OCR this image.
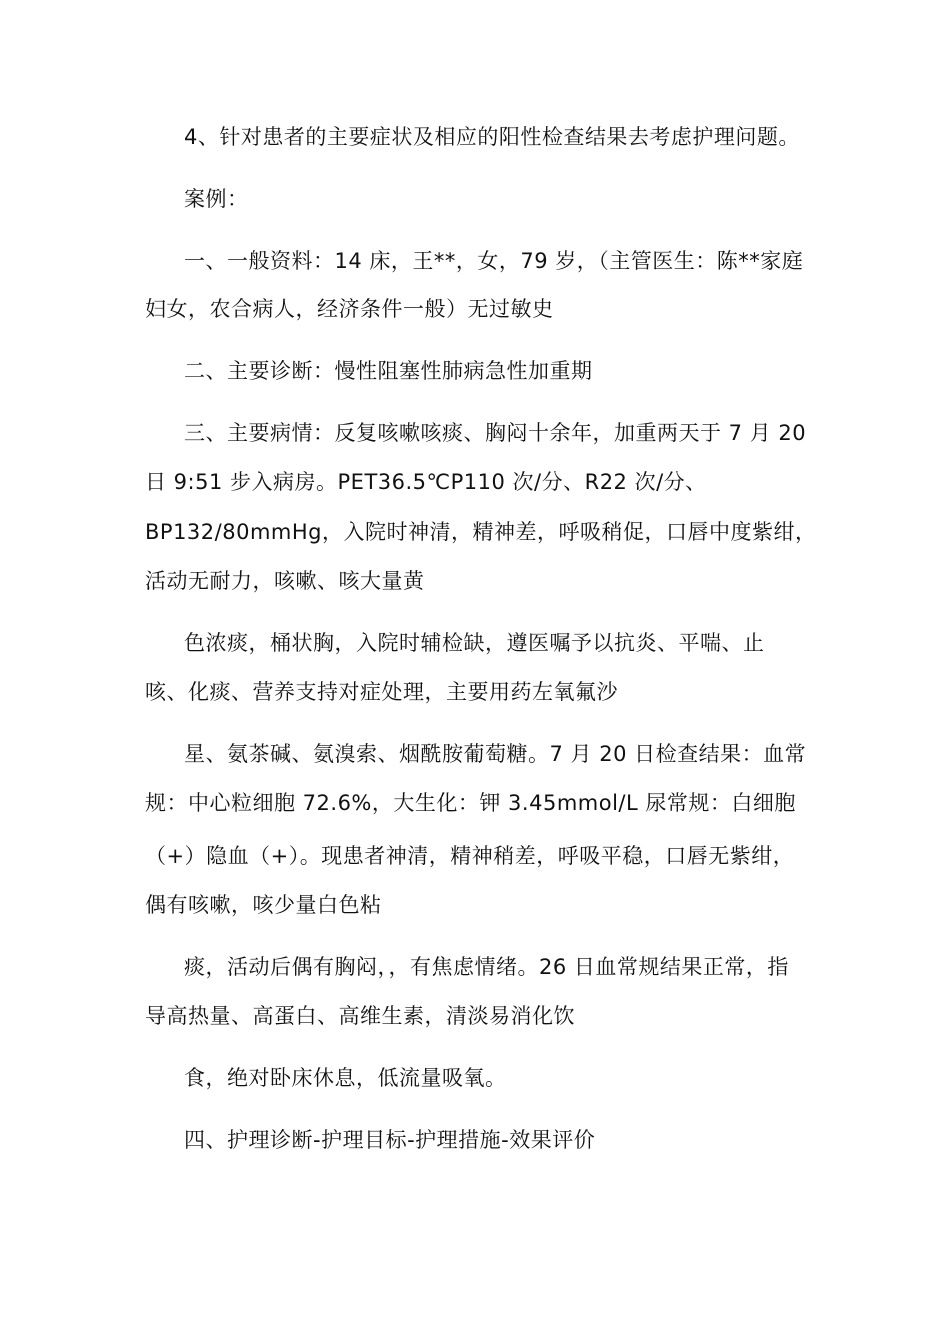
4、针对患者的主要症状及相应的阳性检查结果去考虑护理问题。
案例：
一、一般资料：14 床，王**，女，79 岁，（主管医生：陈**家庭
妇女，农合病人，经济条件一般）无过敏史
二、主要诊断：慢性阻塞性肺病急性加重期
三、主要病情：反复咳嗽咳痰、胸闷十余年，加重两天于 7 月 20
日 9:51 步入病房。PET36.5℃P110 次/分、R22 次/分、
BP132/80mmHg，入院时神清，精神差，呼吸稍促，口唇中度紫绀，
活动无耐力，咳嗽、咳大量黄
色浓痰，桶状胸，入院时辅检缺，遵医嘱予以抗炎、平喘、止
咳、化痰、营养支持对症处理，主要用药左氧氟沙
星、氨茶碱、氨溴索、烟酰胺葡萄糖。7 月 20 日检查结果：血常
规：中心粒细胞 72.6%，大生化：钾 3.45mmol/L 尿常规：白细胞
（+）隐血（+）。现患者神清，精神稍差，呼吸平稳，口唇无紫绀，
偶有咳嗽，咳少量白色粘
痰，活动后偶有胸闷，，有焦虑情绪。26 日血常规结果正常，指
导高热量、高蛋白、高维生素，清淡易消化饮
食，绝对卧床休息，低流量吸氧。
四、护理诊断-护理目标-护理措施-效果评价
